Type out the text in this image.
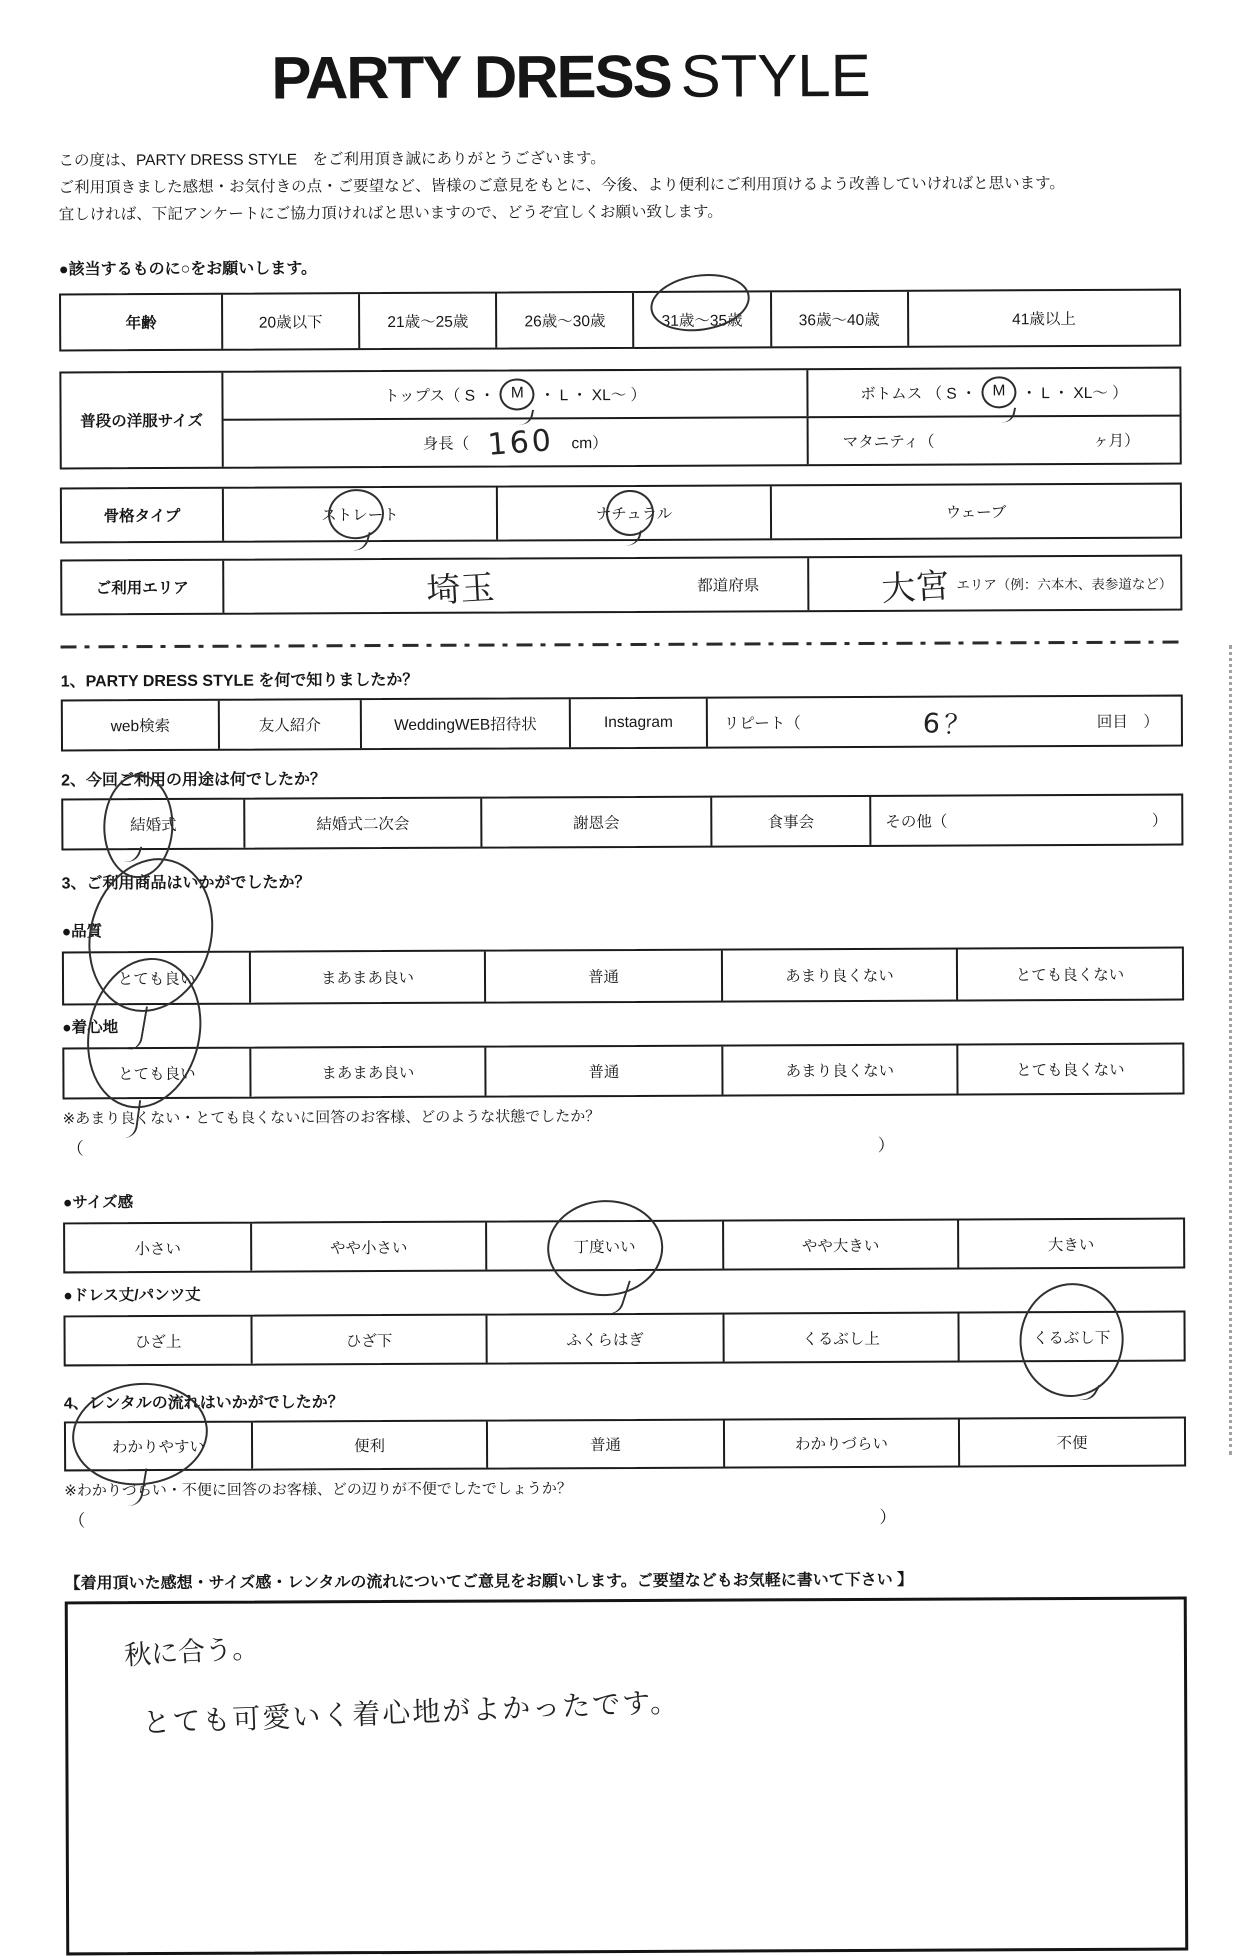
PARTY DRESS STYLE
この度は、PARTY DRESS STYLE　をご利用頂き誠にありがとうございます。
ご利用頂きました感想・お気付きの点・ご要望など、皆様のご意見をもとに、今後、より便利にご利用頂けるよう改善していければと思います。
宜しければ、下記アンケートにご協力頂ければと思いますので、どうぞ宜しくお願い致します。
●該当するものに○をお願いします。
年齢	20歳以下	21歳～25歳	26歳～30歳	31歳～35歳	36歳～40歳	41歳以上
普段の洋服サイズ
トップス（ S ・	M	・ L ・ XL～ ）	ボトムス （ S ・	M	・ L ・ XL～ ）
身長（ 160 cm）	マタニティ（	ヶ月）
骨格タイプ	ストレート	ナチュラル	ウェーブ
ご利用エリア	埼玉	都道府県	大宮 エリア（例：六本木、表参道など）
1、PARTY DRESS STYLE を何で知りましたか？
web検索	友人紹介	WeddingWEB招待状	Instagram	リピート（	6？	回目　）
2、今回ご利用の用途は何でしたか？
結婚式	結婚式二次会	謝恩会	食事会	その他（	）
3、ご利用商品はいかがでしたか？
●品質
とても良い	まあまあ良い	普通	あまり良くない	とても良くない
●着心地
とても良い	まあまあ良い	普通	あまり良くない	とても良くない
※あまり良くない・とても良くないに回答のお客様、どのような状態でしたか？
（	）
●サイズ感
小さい	やや小さい	丁度いい	やや大きい	大きい
●ドレス丈/パンツ丈
ひざ上	ひざ下	ふくらはぎ	くるぶし上	くるぶし下
4、レンタルの流れはいかがでしたか？
わかりやすい	便利	普通	わかりづらい	不便
※わかりづらい・不便に回答のお客様、どの辺りが不便でしたでしょうか？
（	）
【着用頂いた感想・サイズ感・レンタルの流れについてご意見をお願いします。ご要望などもお気軽に書いて下さい 】
秋に合う。
とても可愛いく着心地がよかったです。
